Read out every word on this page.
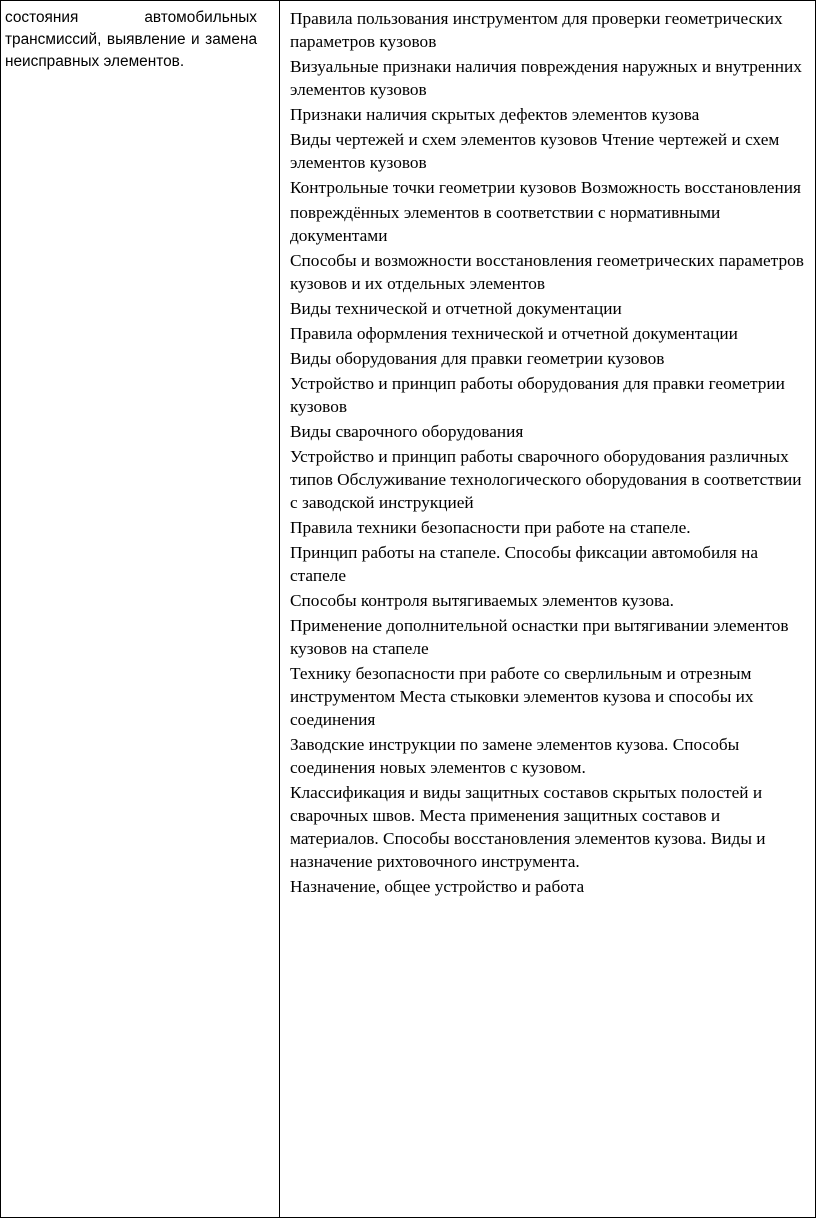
состояния автомобильных трансмиссий, выявление и замена неисправных элементов.

Правила пользования инструментом для проверки геометрических параметров кузовов
Визуальные признаки наличия повреждения наружных и внутренних элементов кузовов
Признаки наличия скрытых дефектов элементов кузова
Виды чертежей и схем элементов кузовов Чтение чертежей и схем элементов кузовов
Контрольные точки геометрии кузовов Возможность восстановления
повреждённых элементов в соответствии с нормативными документами
Способы и возможности восстановления геометрических параметров кузовов и их отдельных элементов
Виды технической и отчетной документации
Правила оформления технической и отчетной документации
Виды оборудования для правки геометрии кузовов
Устройство и принцип работы оборудования для правки геометрии кузовов
Виды сварочного оборудования
Устройство и принцип работы сварочного оборудования различных типов Обслуживание технологического оборудования в соответствии с заводской инструкцией
Правила техники безопасности при работе на стапеле.
Принцип работы на стапеле. Способы фиксации автомобиля на стапеле
Способы контроля вытягиваемых элементов кузова.
Применение дополнительной оснастки при вытягивании элементов кузовов на стапеле
Технику безопасности при работе со сверлильным и отрезным инструментом Места стыковки элементов кузова и способы их соединения
Заводские инструкции по замене элементов кузова. Способы соединения новых элементов с кузовом.
Классификация и виды защитных составов скрытых полостей и сварочных швов. Места применения защитных составов и материалов. Способы восстановления элементов кузова. Виды и назначение рихтовочного инструмента.
Назначение, общее устройство и работа
